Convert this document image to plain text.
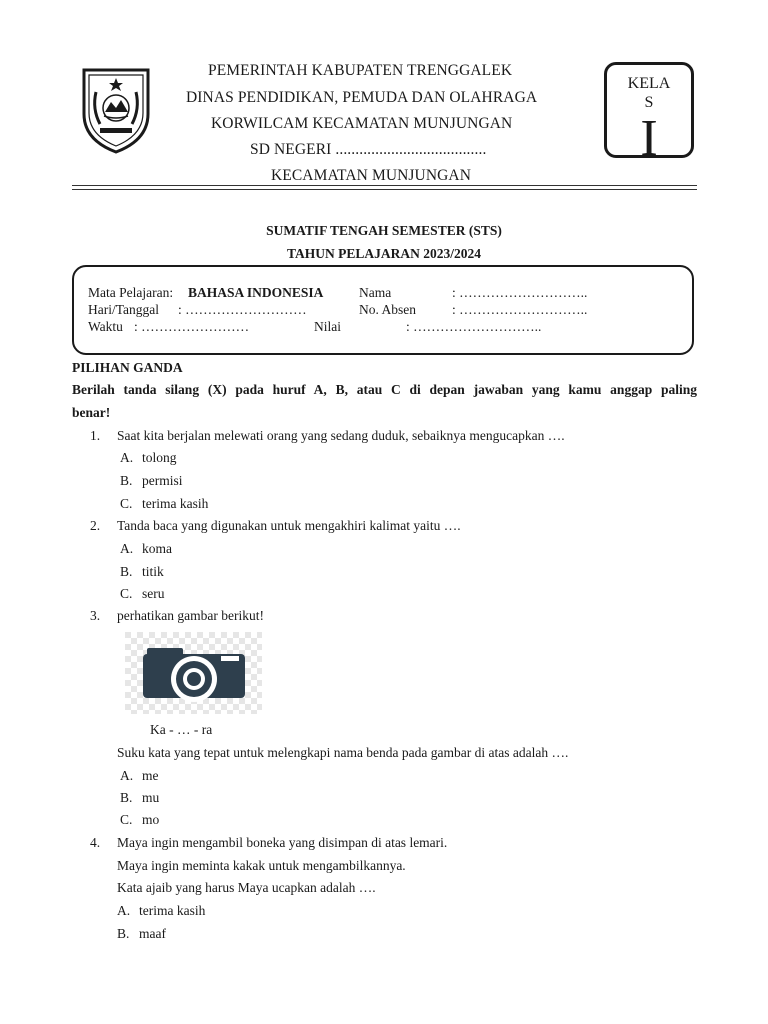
PEMERINTAH KABUPATEN TRENGGALEK
DINAS PENDIDIKAN, PEMUDA DAN OLAHRAGA
KORWILCAM KECAMATAN MUNJUNGAN
SD NEGERI ......................................
KECAMATAN MUNJUNGAN
KELA
S
I
SUMATIF TENGAH SEMESTER (STS)
TAHUN PELAJARAN 2023/2024
Mata Pelajaran: BAHASA INDONESIA	Nama	: ………………………..
Hari/Tanggal : ………………………	No. Absen	: ………………………..
Waktu : ……………………	Nilai	: ………………………..
PILIHAN GANDA
Berilah tanda silang (X) pada huruf A, B, atau C di depan jawaban yang kamu anggap paling
benar!
1. Saat kita berjalan melewati orang yang sedang duduk, sebaiknya mengucapkan ….
A. tolong
B. permisi
C. terima kasih
2. Tanda baca yang digunakan untuk mengakhiri kalimat yaitu ….
A. koma
B. titik
C. seru
3. perhatikan gambar berikut!
Ka - … - ra
Suku kata yang tepat untuk melengkapi nama benda pada gambar di atas adalah ….
A. me
B. mu
C. mo
4. Maya ingin mengambil boneka yang disimpan di atas lemari.
Maya ingin meminta kakak untuk mengambilkannya.
Kata ajaib yang harus Maya ucapkan adalah ….
A. terima kasih
B. maaf
